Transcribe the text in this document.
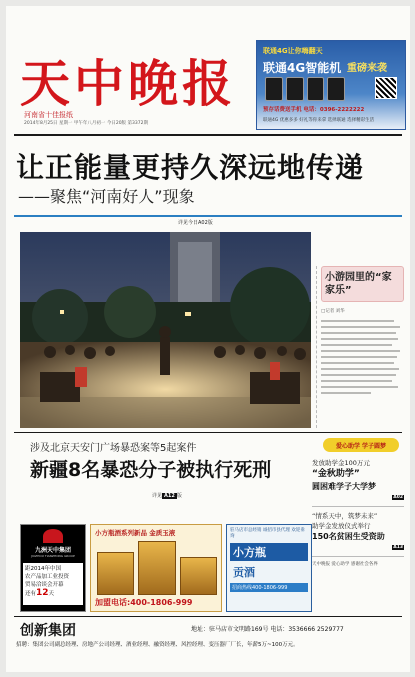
天中晚报
河南省十佳报纸
2014年8月25日 星期一 甲午年八月初一 今日20版 第3372期
联通4G让你嗨翻天
联通4G智能机 重磅来袭
预存话费送手机 电话：0396-2222222
联通4G 优惠多多 好礼等你来拿 选择联通 选择精彩生活
让正能量更持久深远地传递
——聚焦“河南好人”现象
详见今日A02版
小游园里的“家家乐”
□记者 刘华
涉及北京天安门广场暴恐案等5起案件
新疆8名暴恐分子被执行死刑
详见 A12 版
爱心助学 学子圆梦
发放助学金100万元
“金秋助学”
圆困难学子大学梦
A02
“情系天中，筑梦未来”
助学金发放仪式举行
150名贫困生受资助
A13
天中晚报 爱心助学 感谢社会各界
九洲天中集团
JIUZHOU TIANZHONG GROUP
距2014年中国
农产品加工业投资
贸易洽谈会开幕
还有12天
小方瓶酒系列新品 金质玉液
加盟电话:400-1806-999
驻马店市总经销 诚招市县代理 欢迎垂询
小方瓶
贡酒
招商热线400-1806-999
创新集团	地址：驻马店市文明路169号 电话：3536666 2529777
招聘：集团公司副总经理、房地产公司经理、酒业经理、融资经理、风控经理、变压器厂厂长，年薪5万~100万元。
